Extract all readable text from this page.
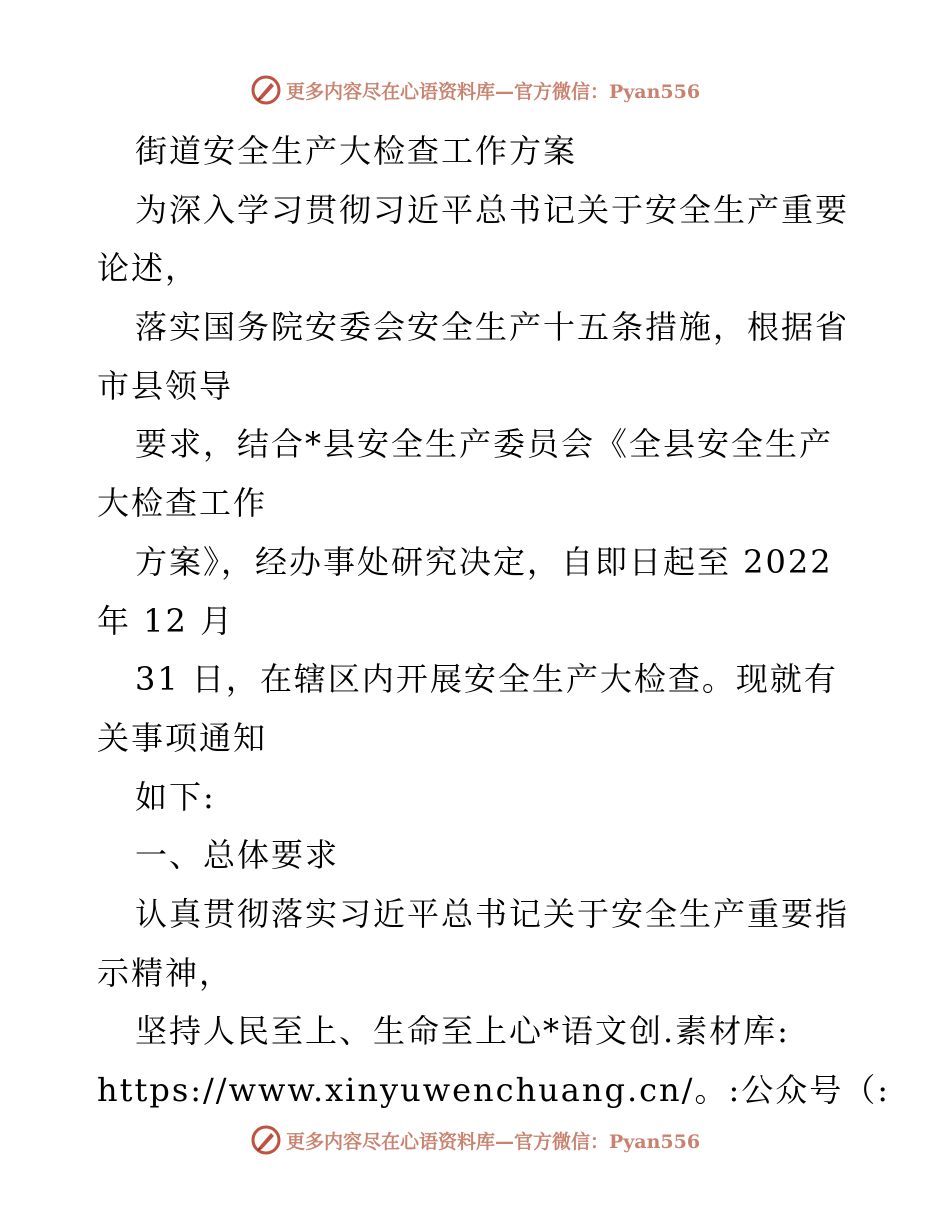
更多内容尽在心语资料库—官方微信：Pyan556
街道安全生产大检查工作方案
为深入学习贯彻习近平总书记关于安全生产重要
论述，
落实国务院安委会安全生产十五条措施，根据省
市县领导
要求，结合*县安全生产委员会《全县安全生产
大检查工作
方案》，经办事处研究决定，自即日起至 2022
年 12 月
31 日，在辖区内开展安全生产大检查。现就有
关事项通知
如下:
一、总体要求
认真贯彻落实习近平总书记关于安全生产重要指
示精神，
坚持人民至上、生命至上心*语文创.素材库:
https://www.xinyuwenchuang.cn/。:公众号（:
更多内容尽在心语资料库—官方微信：Pyan556
